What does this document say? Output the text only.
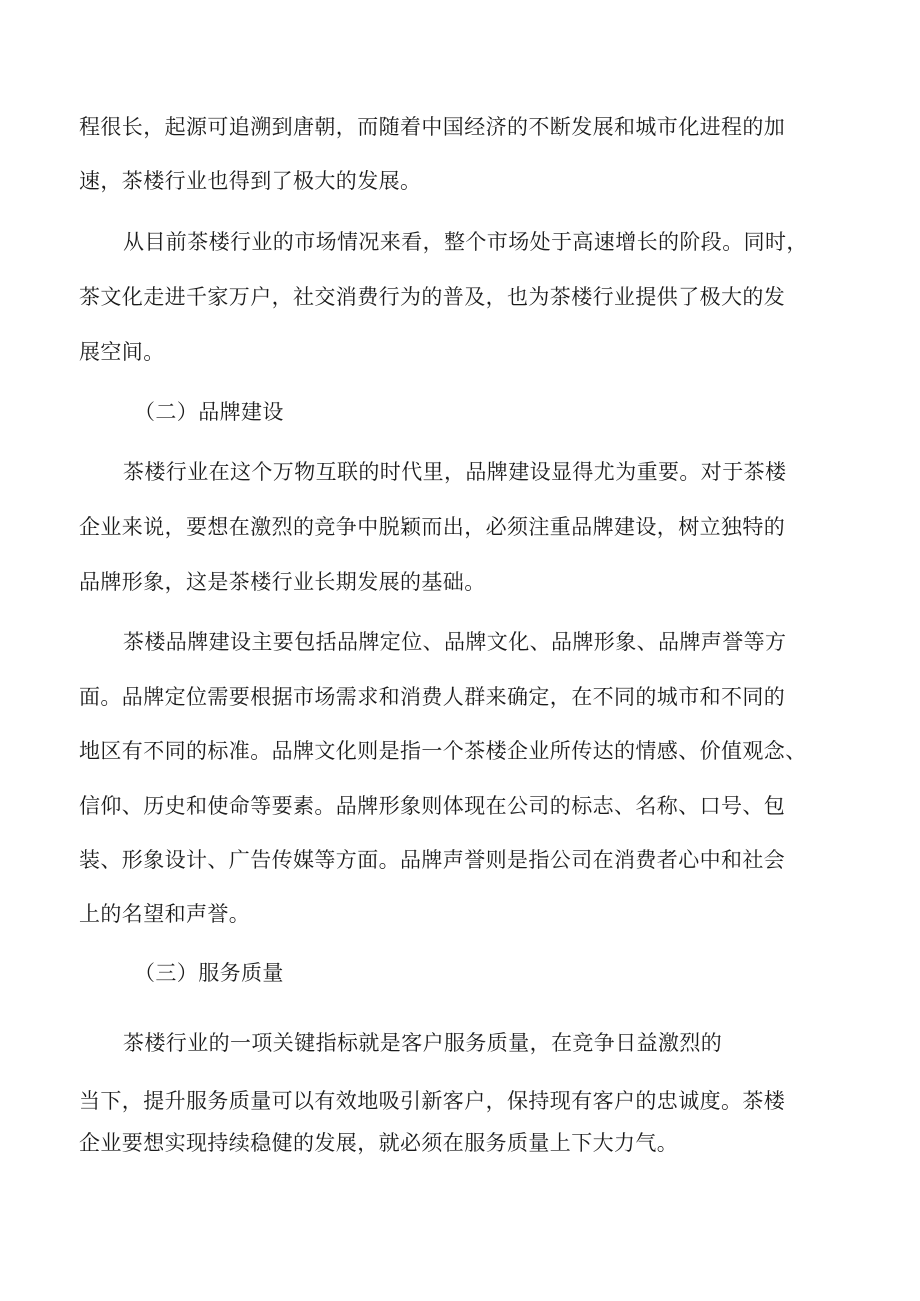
程很长，起源可追溯到唐朝，而随着中国经济的不断发展和城市化进程的加
速，茶楼行业也得到了极大的发展。
从目前茶楼行业的市场情况来看，整个市场处于高速增长的阶段。同时，
茶文化走进千家万户，社交消费行为的普及，也为茶楼行业提供了极大的发
展空间。
（二）品牌建设
茶楼行业在这个万物互联的时代里，品牌建设显得尤为重要。对于茶楼
企业来说，要想在激烈的竞争中脱颖而出，必须注重品牌建设，树立独特的
品牌形象，这是茶楼行业长期发展的基础。
茶楼品牌建设主要包括品牌定位、品牌文化、品牌形象、品牌声誉等方
面。品牌定位需要根据市场需求和消费人群来确定，在不同的城市和不同的
地区有不同的标准。品牌文化则是指一个茶楼企业所传达的情感、价值观念、
信仰、历史和使命等要素。品牌形象则体现在公司的标志、名称、口号、包
装、形象设计、广告传媒等方面。品牌声誉则是指公司在消费者心中和社会
上的名望和声誉。
（三）服务质量
茶楼行业的一项关键指标就是客户服务质量，在竞争日益激烈的
当下，提升服务质量可以有效地吸引新客户，保持现有客户的忠诚度。茶楼
企业要想实现持续稳健的发展，就必须在服务质量上下大力气。
